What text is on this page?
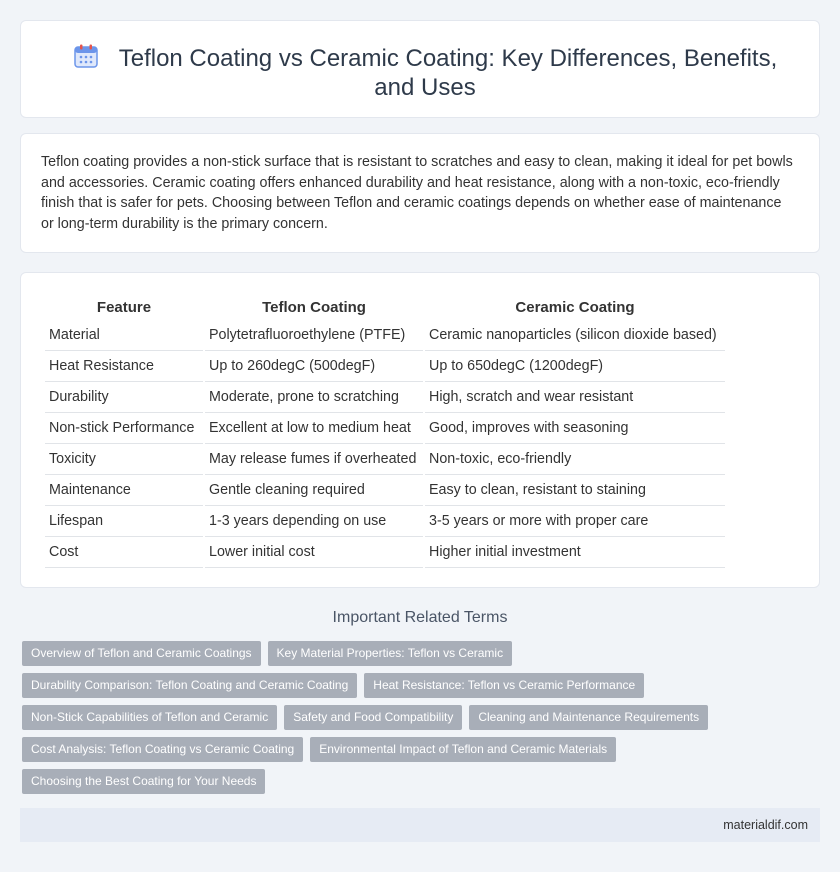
Teflon Coating vs Ceramic Coating: Key Differences, Benefits, and Uses

Teflon coating provides a non-stick surface that is resistant to scratches and easy to clean, making it ideal for pet bowls and accessories. Ceramic coating offers enhanced durability and heat resistance, along with a non-toxic, eco-friendly finish that is safer for pets. Choosing between Teflon and ceramic coatings depends on whether ease of maintenance or long-term durability is the primary concern.

Feature	Teflon Coating	Ceramic Coating
Material	Polytetrafluoroethylene (PTFE)	Ceramic nanoparticles (silicon dioxide based)
Heat Resistance	Up to 260degC (500degF)	Up to 650degC (1200degF)
Durability	Moderate, prone to scratching	High, scratch and wear resistant
Non-stick Performance	Excellent at low to medium heat	Good, improves with seasoning
Toxicity	May release fumes if overheated	Non-toxic, eco-friendly
Maintenance	Gentle cleaning required	Easy to clean, resistant to staining
Lifespan	1-3 years depending on use	3-5 years or more with proper care
Cost	Lower initial cost	Higher initial investment
Important Related Terms
Overview of Teflon and Ceramic Coatings Key Material Properties: Teflon vs Ceramic
Durability Comparison: Teflon Coating and Ceramic Coating Heat Resistance: Teflon vs Ceramic Performance
Non-Stick Capabilities of Teflon and Ceramic Safety and Food Compatibility Cleaning and Maintenance Requirements
Cost Analysis: Teflon Coating vs Ceramic Coating Environmental Impact of Teflon and Ceramic Materials
Choosing the Best Coating for Your Needs
materialdif.com
